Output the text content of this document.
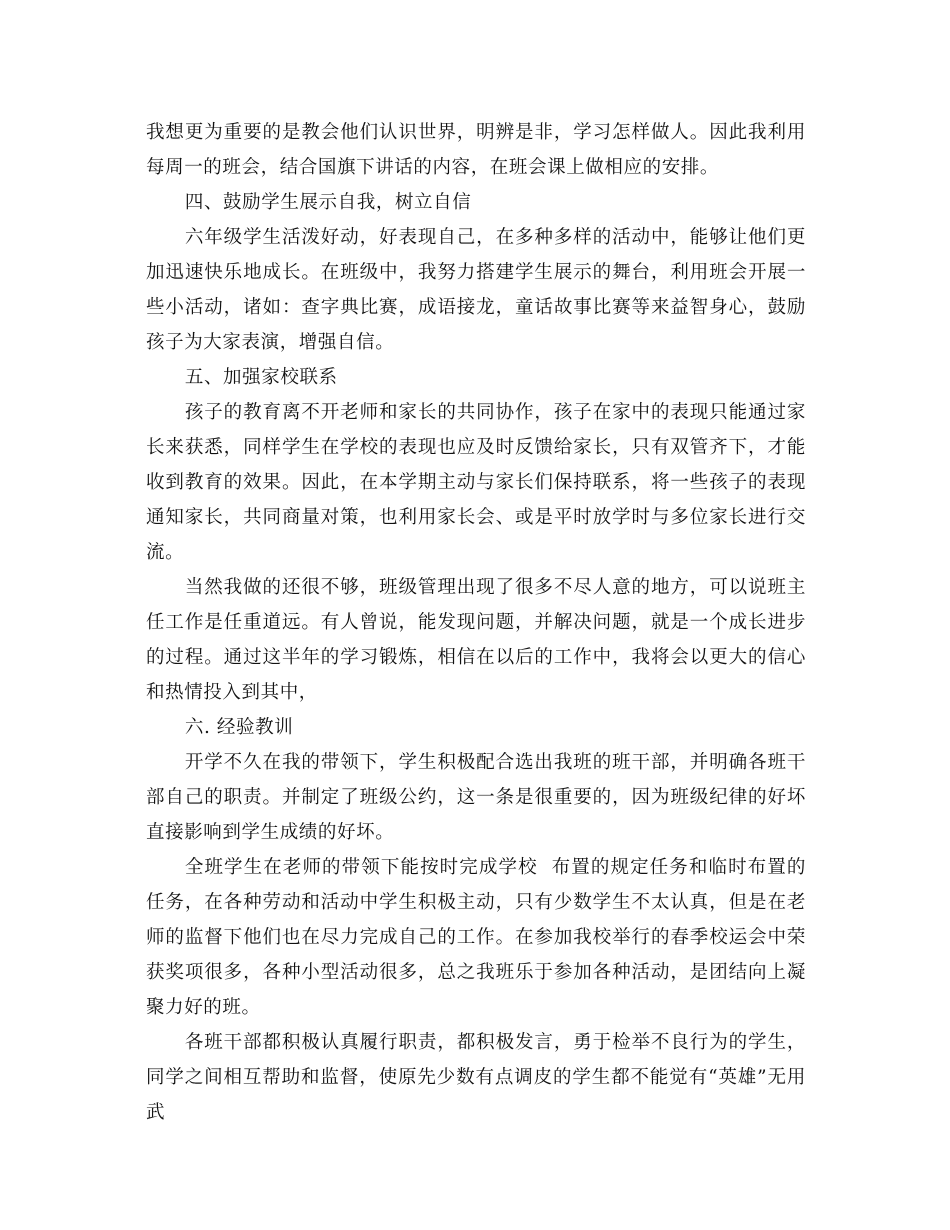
我想更为重要的是教会他们认识世界，明辨是非，学习怎样做人。因此我利用每周一的班会，结合国旗下讲话的内容，在班会课上做相应的安排。

四、鼓励学生展示自我，树立自信

六年级学生活泼好动，好表现自己，在多种多样的活动中，能够让他们更加迅速快乐地成长。在班级中，我努力搭建学生展示的舞台，利用班会开展一些小活动，诸如：查字典比赛，成语接龙，童话故事比赛等来益智身心，鼓励孩子为大家表演，增强自信。

五、加强家校联系

孩子的教育离不开老师和家长的共同协作，孩子在家中的表现只能通过家长来获悉，同样学生在学校的表现也应及时反馈给家长，只有双管齐下，才能收到教育的效果。因此，在本学期主动与家长们保持联系，将一些孩子的表现通知家长，共同商量对策，也利用家长会、或是平时放学时与多位家长进行交流。

当然我做的还很不够，班级管理出现了很多不尽人意的地方，可以说班主任工作是任重道远。有人曾说，能发现问题，并解决问题，就是一个成长进步的过程。通过这半年的学习锻炼，相信在以后的工作中，我将会以更大的信心和热情投入到其中，

六. 经验教训

开学不久在我的带领下，学生积极配合选出我班的班干部，并明确各班干部自己的职责。并制定了班级公约，这一条是很重要的，因为班级纪律的好坏直接影响到学生成绩的好坏。

全班学生在老师的带领下能按时完成学校  布置的规定任务和临时布置的任务，在各种劳动和活动中学生积极主动，只有少数学生不太认真，但是在老师的监督下他们也在尽力完成自己的工作。在参加我校举行的春季校运会中荣获奖项很多，各种小型活动很多，总之我班乐于参加各种活动，是团结向上凝聚力好的班。

各班干部都积极认真履行职责，都积极发言，勇于检举不良行为的学生，同学之间相互帮助和监督，使原先少数有点调皮的学生都不能觉有“英雄”无用武
